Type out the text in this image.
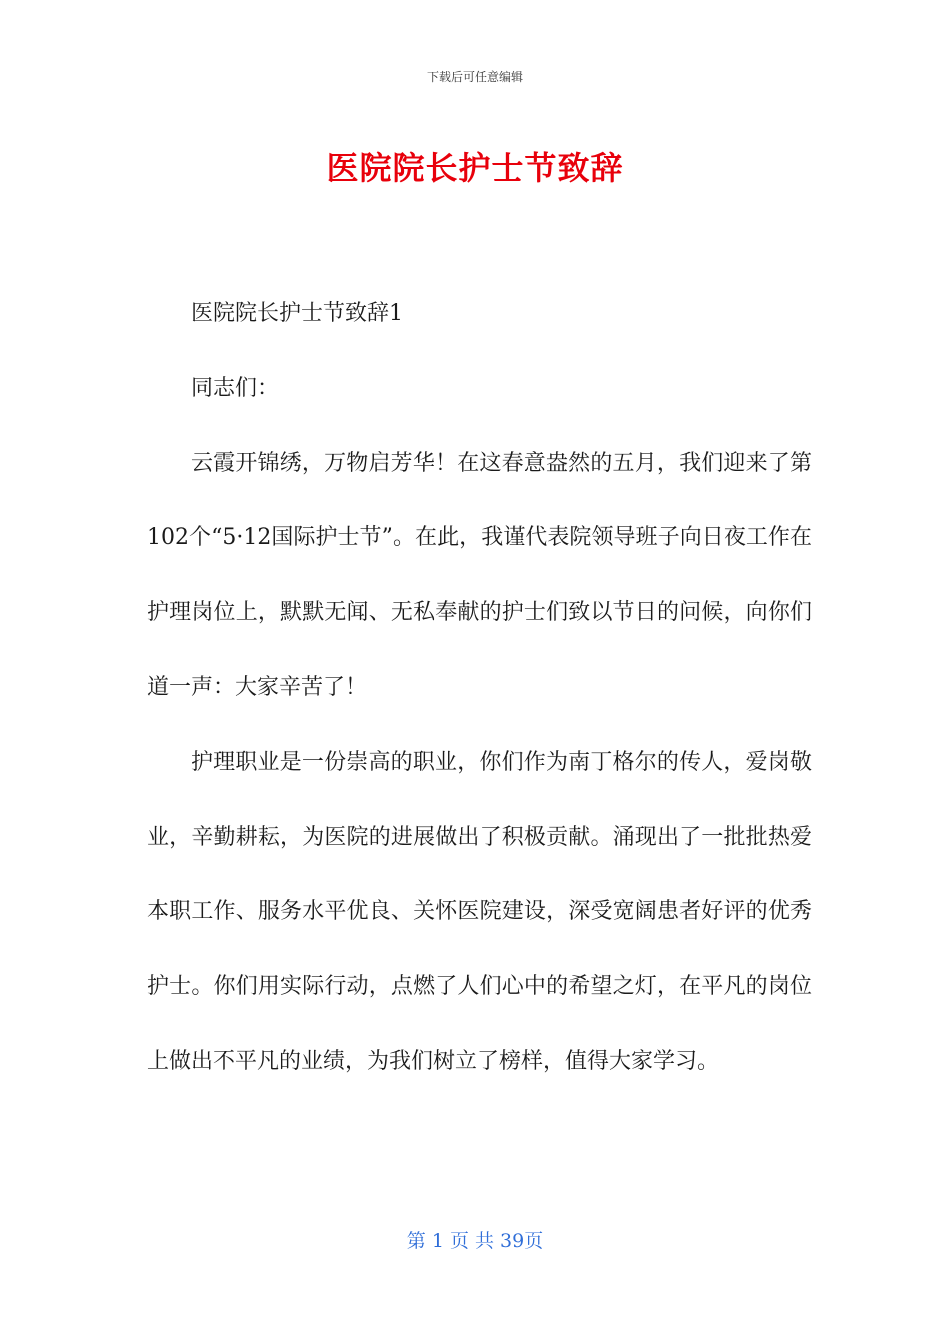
下载后可任意编辑
医院院长护士节致辞

医院院长护士节致辞1

同志们：

云霞开锦绣，万物启芳华！在这春意盎然的五月，我们迎来了第102个“5·12国际护士节”。在此，我谨代表院领导班子向日夜工作在护理岗位上，默默无闻、无私奉献的护士们致以节日的问候，向你们道一声：大家辛苦了！

护理职业是一份崇高的职业，你们作为南丁格尔的传人，爱岗敬业，辛勤耕耘，为医院的进展做出了积极贡献。涌现出了一批批热爱本职工作、服务水平优良、关怀医院建设，深受宽阔患者好评的优秀护士。你们用实际行动，点燃了人们心中的希望之灯，在平凡的岗位上做出不平凡的业绩，为我们树立了榜样，值得大家学习。

第 1 页 共 39页
